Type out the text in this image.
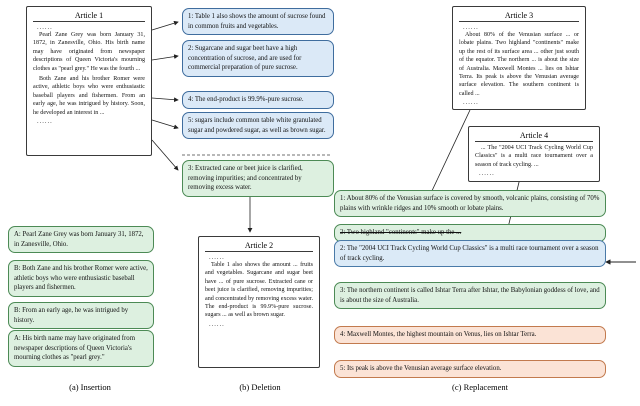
Article 1
......
Pearl Zane Grey was born January 31, 1872, in Zanesville, Ohio. His birth name may have originated from newspaper descriptions of Queen Victoria's mourning clothes as "pearl grey." He was the fourth ...
Both Zane and his brother Romer were active, athletic boys who were enthusiastic baseball players and fishermen. From an early age, he was intrigued by history. Soon, he developed an interest in ...
......
1: Table 1 also shows the amount of sucrose found in common fruits and vegetables.
2: Sugarcane and sugar beet have a high concentration of sucrose, and are used for commercial preparation of pure sucrose.
4: The end-product is 99.9%-pure sucrose.
5: sugars include common table white granulated sugar and powdered sugar, as well as brown sugar.
3: Extracted cane or beet juice is clarified, removing impurities; and concentrated by removing excess water.
A: Pearl Zane Grey was born January 31, 1872, in Zanesville, Ohio.
B: Both Zane and his brother Romer were active, athletic boys who were enthusiastic baseball players and fishermen.
B: From an early age, he was intrigued by history.
A: His birth name may have originated from newspaper descriptions of Queen Victoria's mourning clothes as "pearl grey."
Article 2
......
Table 1 also shows the amount ... fruits and vegetables. Sugarcane and sugar beet have ... of pure sucrose. Extracted cane or beet juice is clarified, removing impurities; and concentrated by removing excess water. The end-product is 99.9%-pure sucrose. sugars ... as well as brown sugar.
......
Article 3
......
About 80% of the Venusian surface ... or lobate plains. Two highland "continents" make up the rest of its surface area ... other just south of the equator. The northern ... is about the size of Australia. Maxwell Montes ... lies on Ishtar Terra. Its peak is above the Venusian average surface elevation. The southern continent is called ...
......
Article 4
... The "2004 UCI Track Cycling World Cup Classics" is a multi race tournament over a season of track cycling. ...
......
1: About 80% of the Venusian surface is covered by smooth, volcanic plains, consisting of 70% plains with wrinkle ridges and 10% smooth or lobate plains.
2: Two highland "continents" make up the ...
2: The "2004 UCI Track Cycling World Cup Classics" is a multi race tournament over a season of track cycling.
3: The northern continent is called Ishtar Terra after Ishtar, the Babylonian goddess of love, and is about the size of Australia.
4: Maxwell Montes, the highest mountain on Venus, lies on Ishtar Terra.
5: Its peak is above the Venusian average surface elevation.
(a) Insertion	(b) Deletion	(c) Replacement
